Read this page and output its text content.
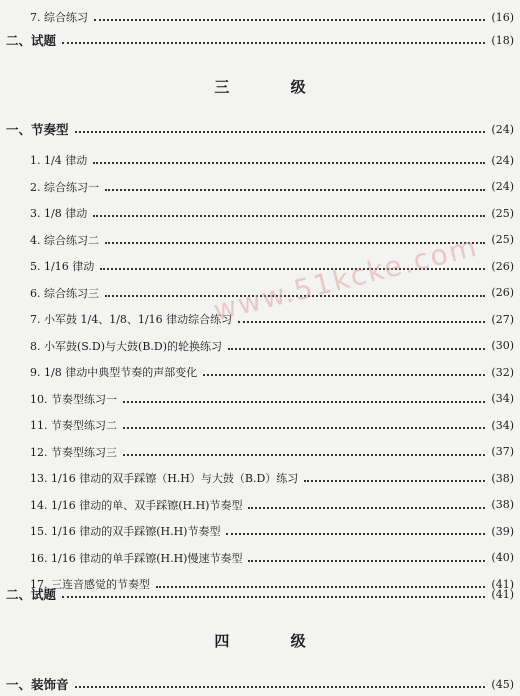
7. 综合练习	(16)
二、试题	(18)
三 级
一、节奏型	(24)
1. 1/4 律动	(24)
2. 综合练习一	(24)
3. 1/8 律动	(25)
4. 综合练习二	(25)
5. 1/16 律动	(26)
6. 综合练习三	(26)
7. 小军鼓 1/4、1/8、1/16 律动综合练习	(27)
8. 小军鼓(S.D)与大鼓(B.D)的轮换练习	(30)
9. 1/8 律动中典型节奏的声部变化	(32)
10. 节奏型练习一	(34)
11. 节奏型练习二	(34)
12. 节奏型练习三	(37)
13. 1/16 律动的双手踩镲（H.H）与大鼓（B.D）练习	(38)
14. 1/16 律动的单、双手踩镲(H.H)节奏型	(38)
15. 1/16 律动的双手踩镲(H.H)节奏型	(39)
16. 1/16 律动的单手踩镲(H.H)慢速节奏型	(40)
17. 三连音感觉的节奏型	(41)
二、试题	(41)
四 级
一、装饰音	(45)
www.51kcke.com
